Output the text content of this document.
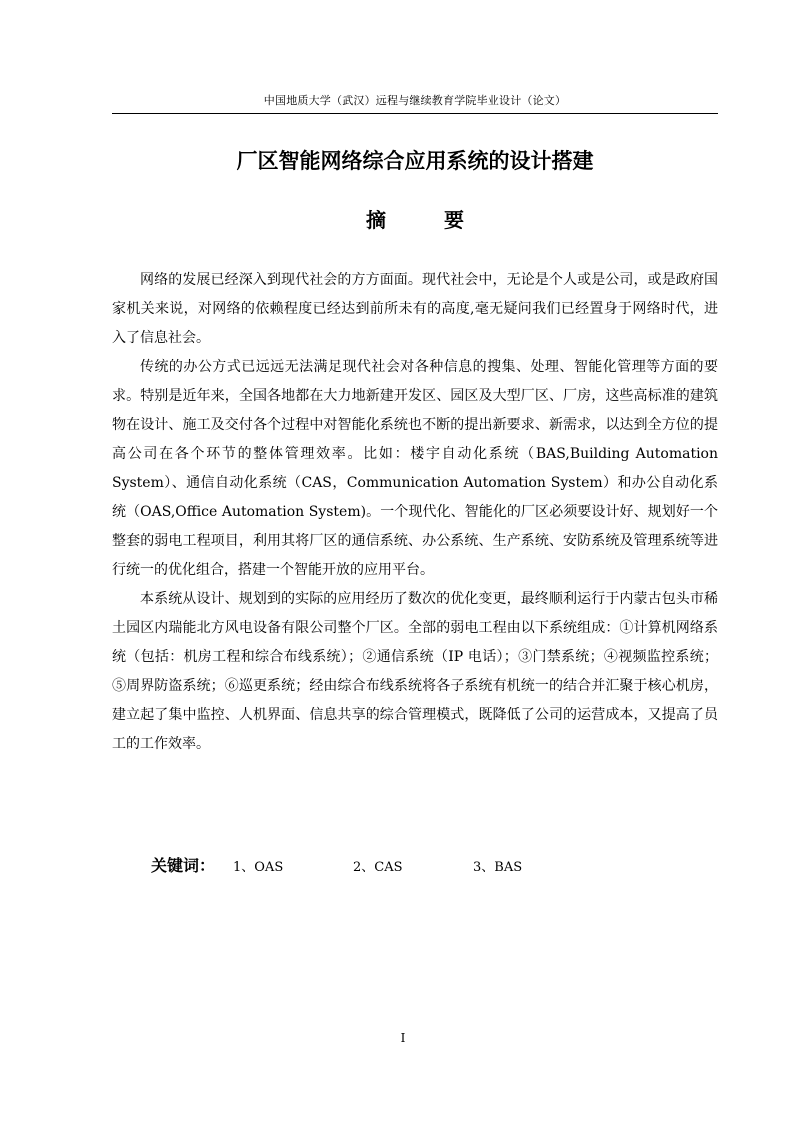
中国地质大学（武汉）远程与继续教育学院毕业设计（论文）
厂区智能网络综合应用系统的设计搭建
摘要

网络的发展已经深入到现代社会的方方面面。现代社会中，无论是个人或是公司，或是政府国家机关来说，对网络的依赖程度已经达到前所未有的高度,毫无疑问我们已经置身于网络时代，进入了信息社会。

传统的办公方式已远远无法满足现代社会对各种信息的搜集、处理、智能化管理等方面的要求。特别是近年来，全国各地都在大力地新建开发区、园区及大型厂区、厂房，这些高标准的建筑物在设计、施工及交付各个过程中对智能化系统也不断的提出新要求、新需求，以达到全方位的提高公司在各个环节的整体管理效率。比如：楼宇自动化系统（BAS,Building Automation System）、通信自动化系统（CAS，Communication Automation System）和办公自动化系统（OAS,Office Automation System)。一个现代化、智能化的厂区必须要设计好、规划好一个整套的弱电工程项目，利用其将厂区的通信系统、办公系统、生产系统、安防系统及管理系统等进行统一的优化组合，搭建一个智能开放的应用平台。

本系统从设计、规划到的实际的应用经历了数次的优化变更，最终顺利运行于内蒙古包头市稀土园区内瑞能北方风电设备有限公司整个厂区。全部的弱电工程由以下系统组成：①计算机网络系统（包括：机房工程和综合布线系统）；②通信系统（IP 电话）；③门禁系统；④视频监控系统；⑤周界防盗系统；⑥巡更系统；经由综合布线系统将各子系统有机统一的结合并汇聚于核心机房，建立起了集中监控、人机界面、信息共享的综合管理模式，既降低了公司的运营成本，又提高了员工的工作效率。

关键词： 1、OAS	2、CAS	3、BAS
I
